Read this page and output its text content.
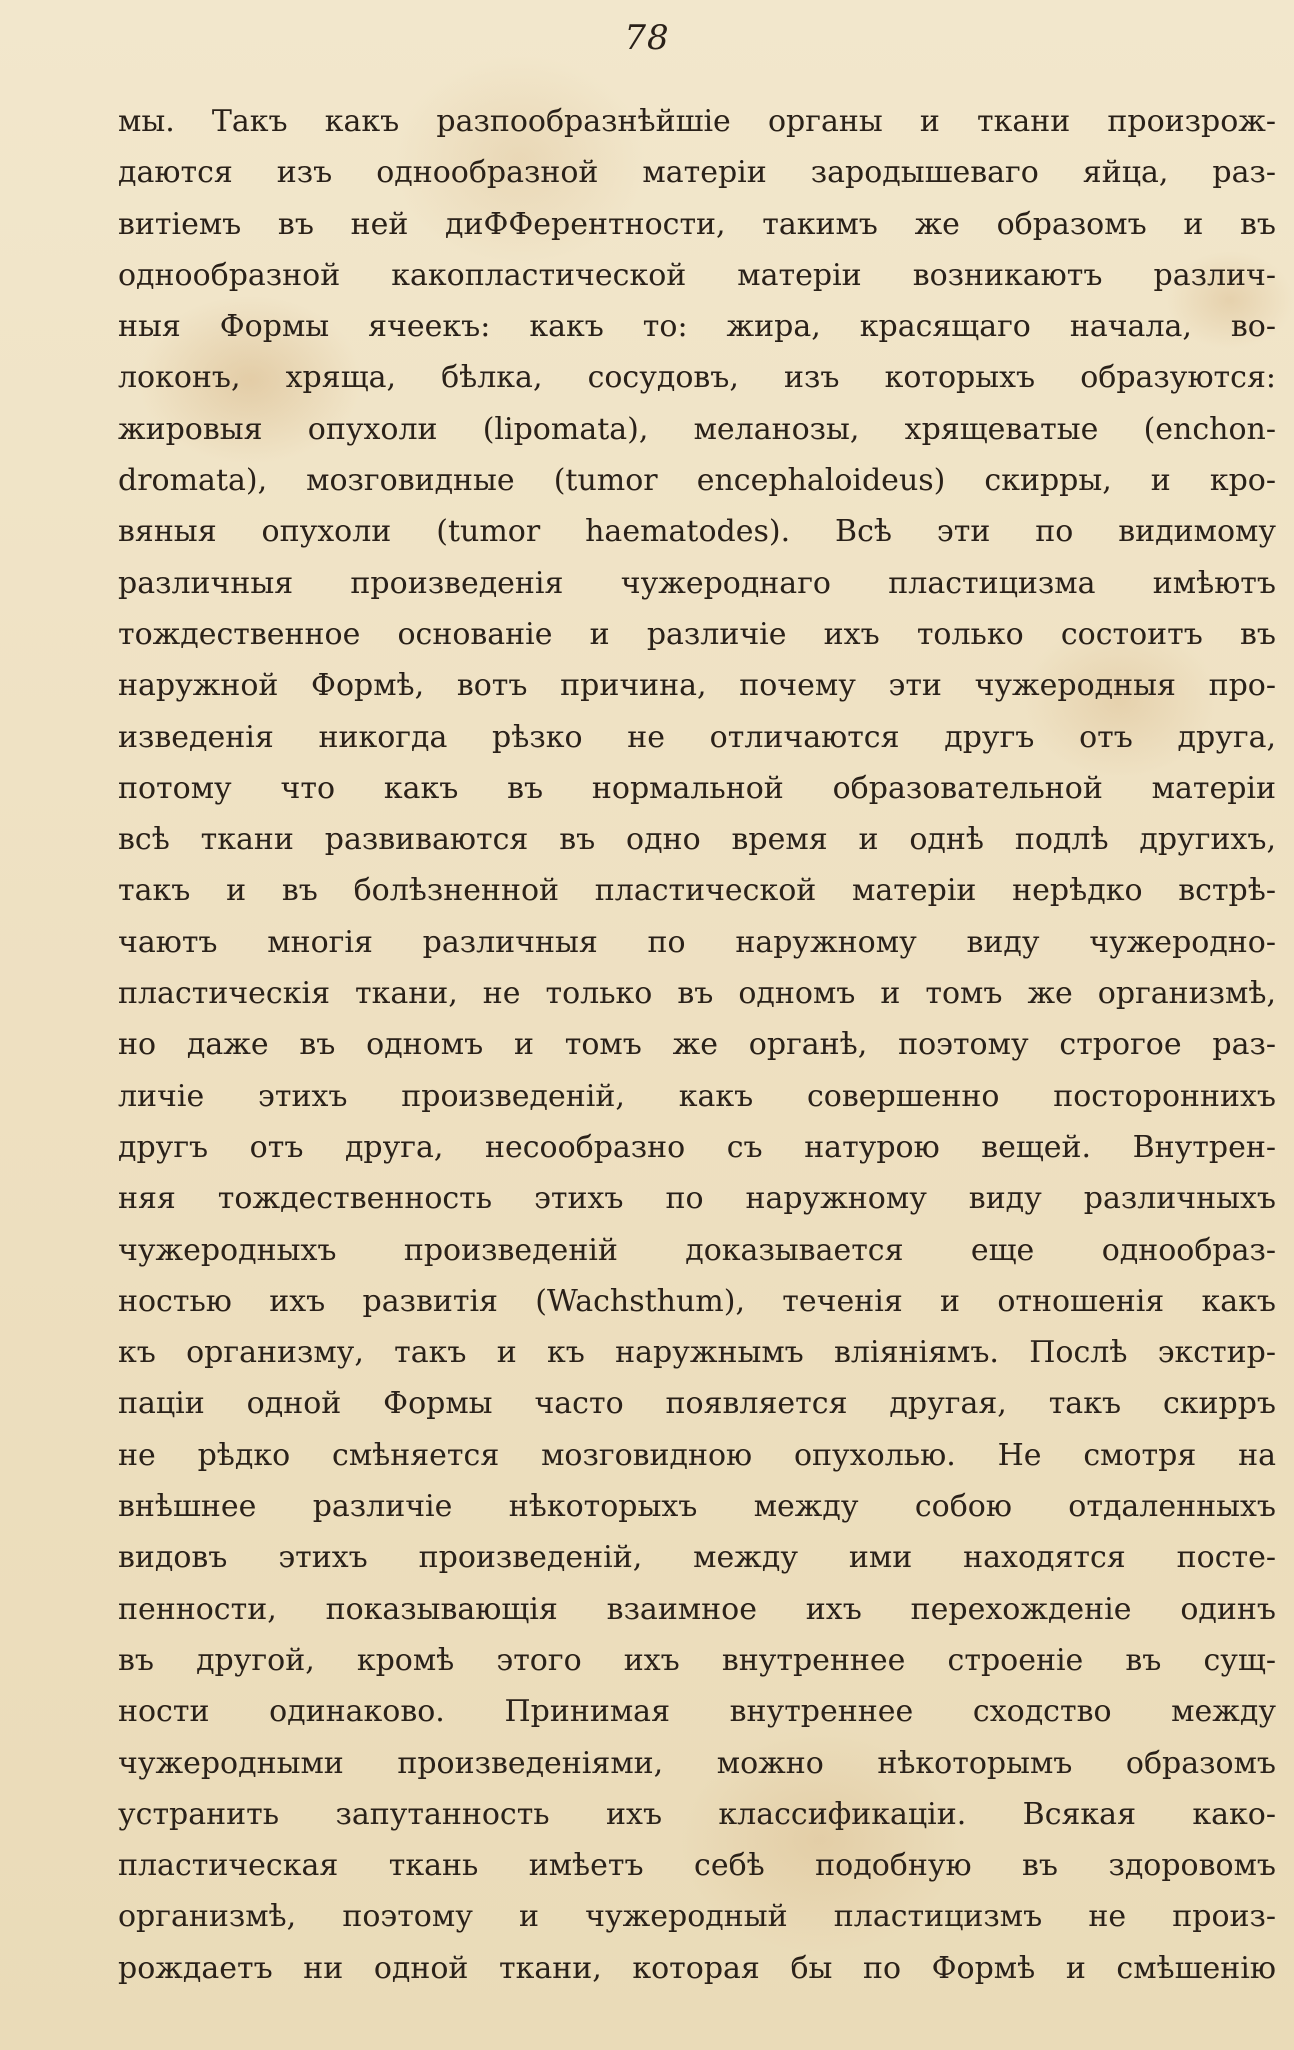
78
мы. Такъ какъ разпообразнѣйшіе органы и ткани произрож-
даются изъ однообразной матеріи зародышеваго яйца, раз-
витіемъ въ ней диФФерентности, такимъ же образомъ и въ
однообразной какопластической матеріи возникаютъ различ-
ныя Формы ячеекъ: какъ то: жира, красящаго начала, во-
локонъ, хряща, бѣлка, сосудовъ, изъ которыхъ образуются:
жировыя опухоли (lipomata), меланозы, хрящеватые (enchon-
dromata), мозговидные (tumor encephaloideus) скирры, и кро-
вяныя опухоли (tumor haematodes). Всѣ эти по видимому
различныя произведенія чужероднаго пластицизма имѣютъ
тождественное основаніе и различіе ихъ только состоитъ въ
наружной Формѣ, вотъ причина, почему эти чужеродныя про-
изведенія никогда рѣзко не отличаются другъ отъ друга,
потому что какъ въ нормальной образовательной матеріи
всѣ ткани развиваются въ одно время и однѣ подлѣ другихъ,
такъ и въ болѣзненной пластической матеріи нерѣдко встрѣ-
чаютъ многія различныя по наружному виду чужеродно-
пластическія ткани, не только въ одномъ и томъ же организмѣ,
но даже въ одномъ и томъ же органѣ, поэтому строгое раз-
личіе этихъ произведеній, какъ совершенно постороннихъ
другъ отъ друга, несообразно съ натурою вещей. Внутрен-
няя тождественность этихъ по наружному виду различныхъ
чужеродныхъ произведеній доказывается еще однообраз-
ностью ихъ развитія (Wachsthum), теченія и отношенія какъ
къ организму, такъ и къ наружнымъ вліяніямъ. Послѣ экстир-
паціи одной Формы часто появляется другая, такъ скирръ
не рѣдко смѣняется мозговидною опухолью. Не смотря на
внѣшнее различіе нѣкоторыхъ между собою отдаленныхъ
видовъ этихъ произведеній, между ими находятся посте-
пенности, показывающія взаимное ихъ перехожденіе одинъ
въ другой, кромѣ этого ихъ внутреннее строеніе въ сущ-
ности одинаково. Принимая внутреннее сходство между
чужеродными произведеніями, можно нѣкоторымъ образомъ
устранить запутанность ихъ классификаціи. Всякая како-
пластическая ткань имѣетъ себѣ подобную въ здоровомъ
организмѣ, поэтому и чужеродный пластицизмъ не произ-
рождаетъ ни одной ткани, которая бы по Формѣ и смѣшенію
